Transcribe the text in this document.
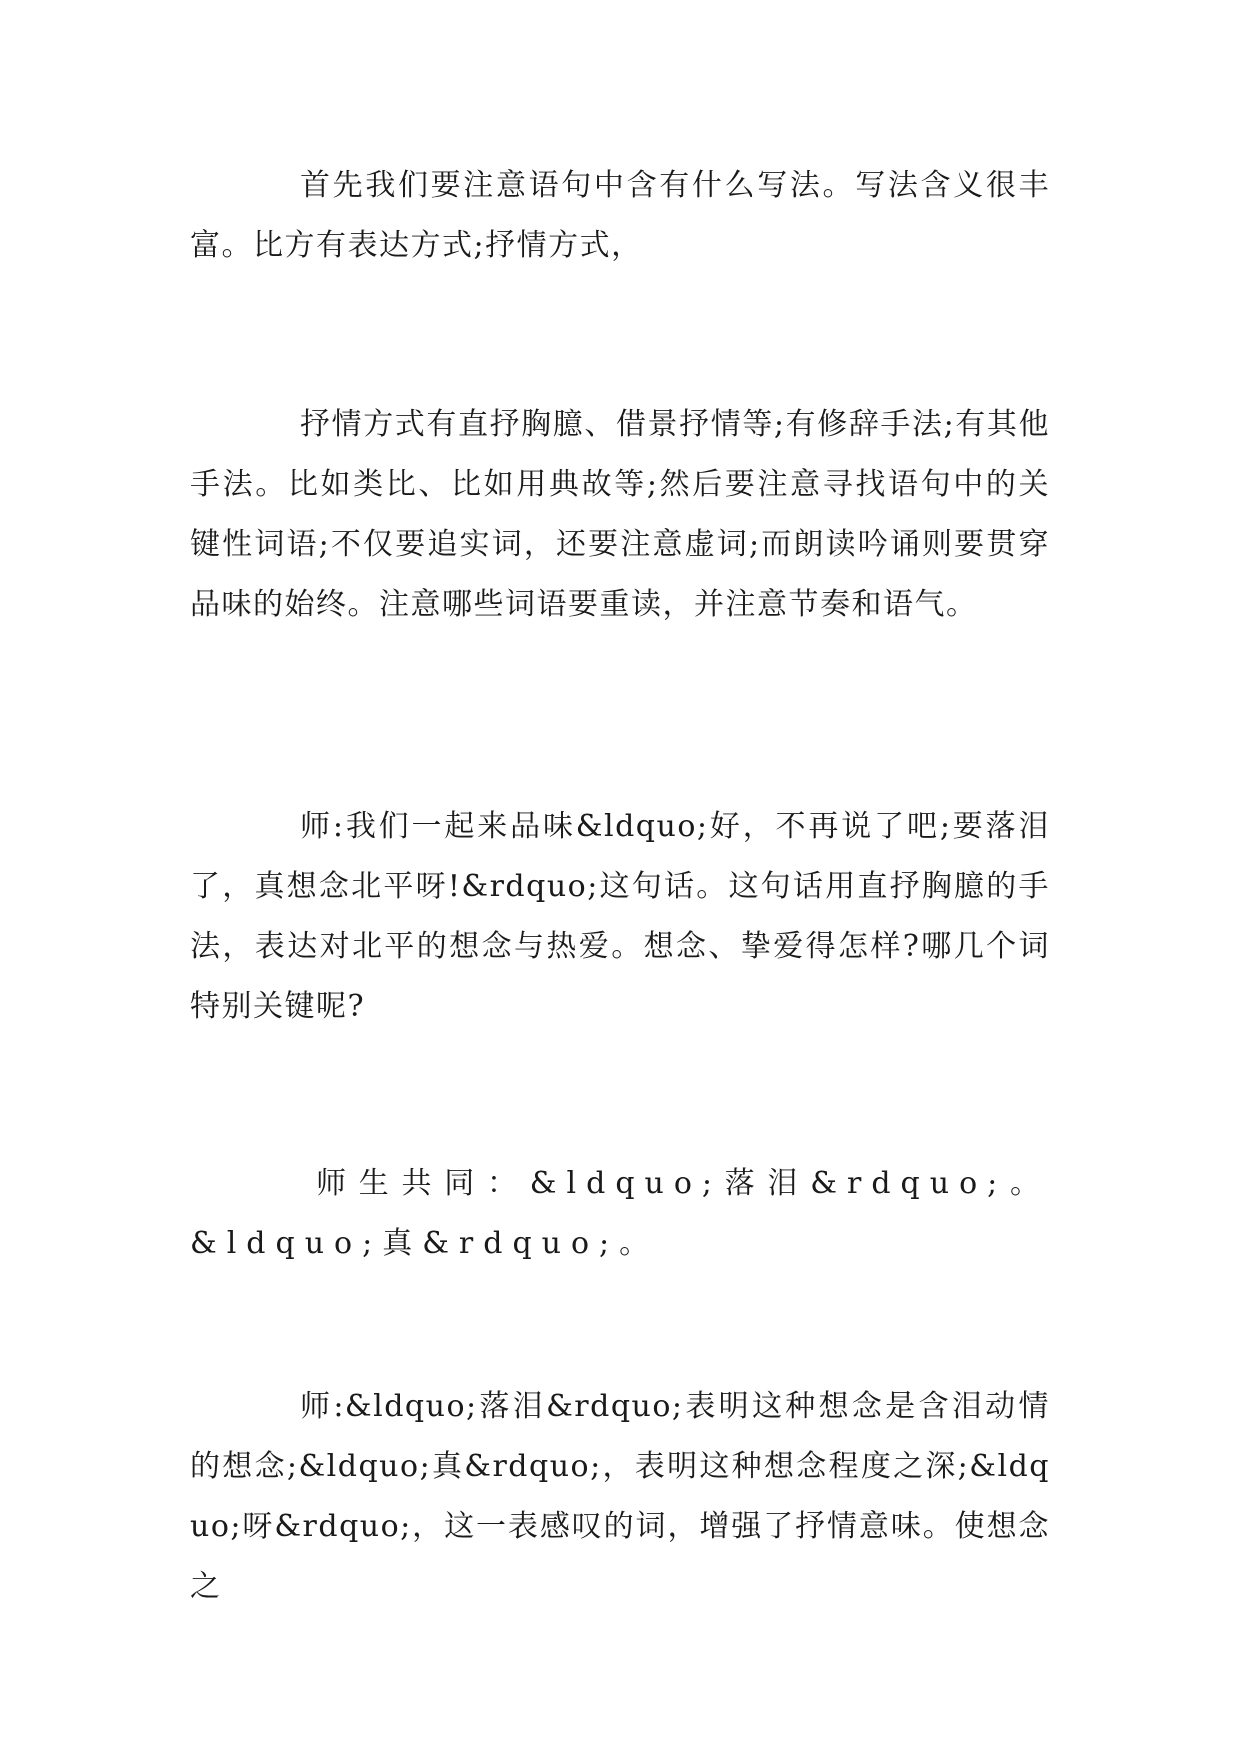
首先我们要注意语句中含有什么写法。写法含义很丰富。比方有表达方式;抒情方式，

抒情方式有直抒胸臆、借景抒情等;有修辞手法;有其他手法。比如类比、比如用典故等;然后要注意寻找语句中的关键性词语;不仅要追实词，还要注意虚词;而朗读吟诵则要贯穿品味的始终。注意哪些词语要重读，并注意节奏和语气。

师:我们一起来品味&ldquo;好，不再说了吧;要落泪了，真想念北平呀!&rdquo;这句话。这句话用直抒胸臆的手法，表达对北平的想念与热爱。想念、挚爱得怎样?哪几个词特别关键呢?

师生共同：&ldquo;落泪&rdquo;。&ldquo;真&rdquo;。

师:&ldquo;落泪&rdquo;表明这种想念是含泪动情的想念;&ldquo;真&rdquo;，表明这种想念程度之深;&ldquo;呀&rdquo;，这一表感叹的词，增强了抒情意味。使想念之
